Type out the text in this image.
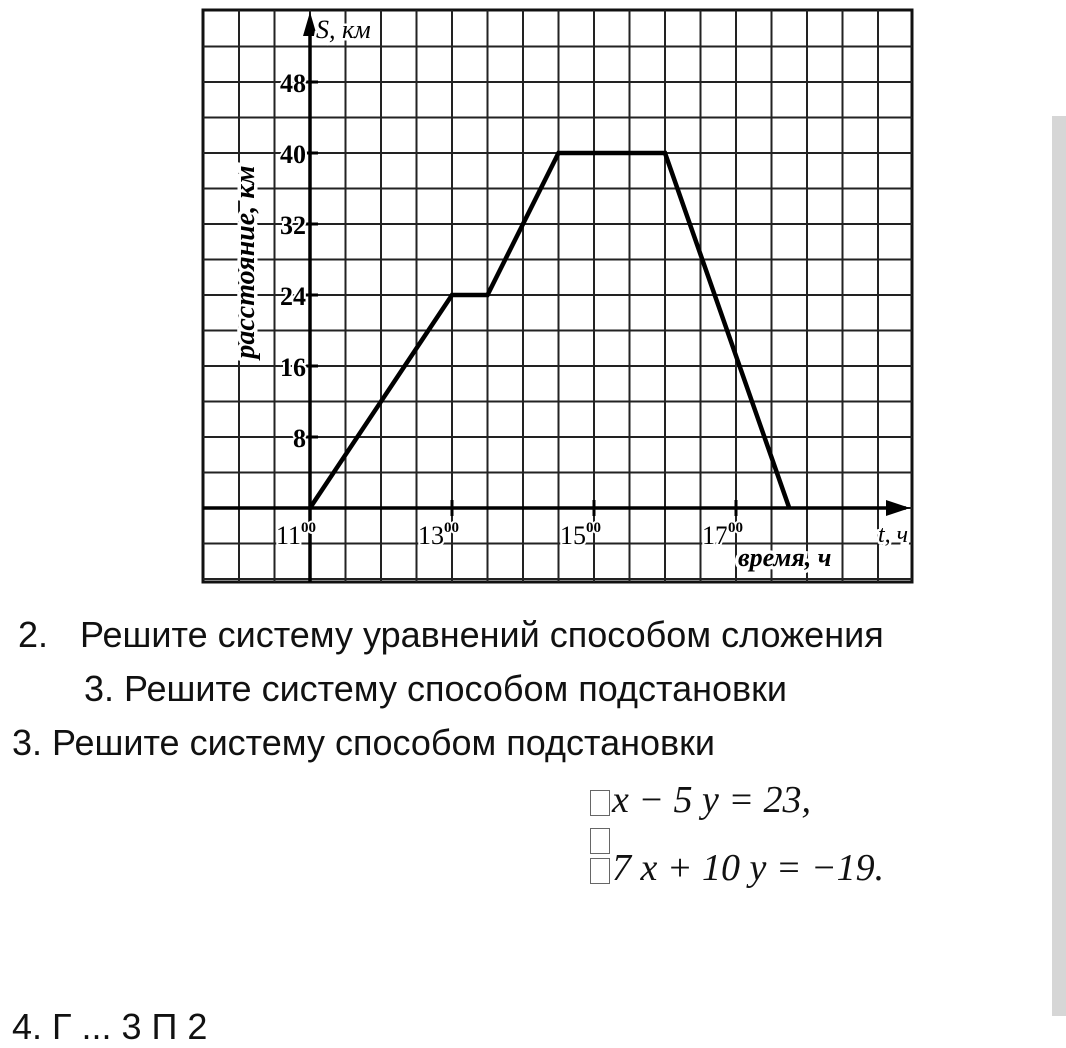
8
16
24
32
40
48
$11^{00}$	$13^{00}$	$15^{00}$	$17^{00}$
S, км
t, ч
расстояние, км
время, ч
2. Решите систему уравнений способом сложения
3. Решите систему способом подстановки
3. Решите систему способом подстановки
x − 5 y = 23,
7 x + 10 y = −19.
4. Г ... 3 П 2
